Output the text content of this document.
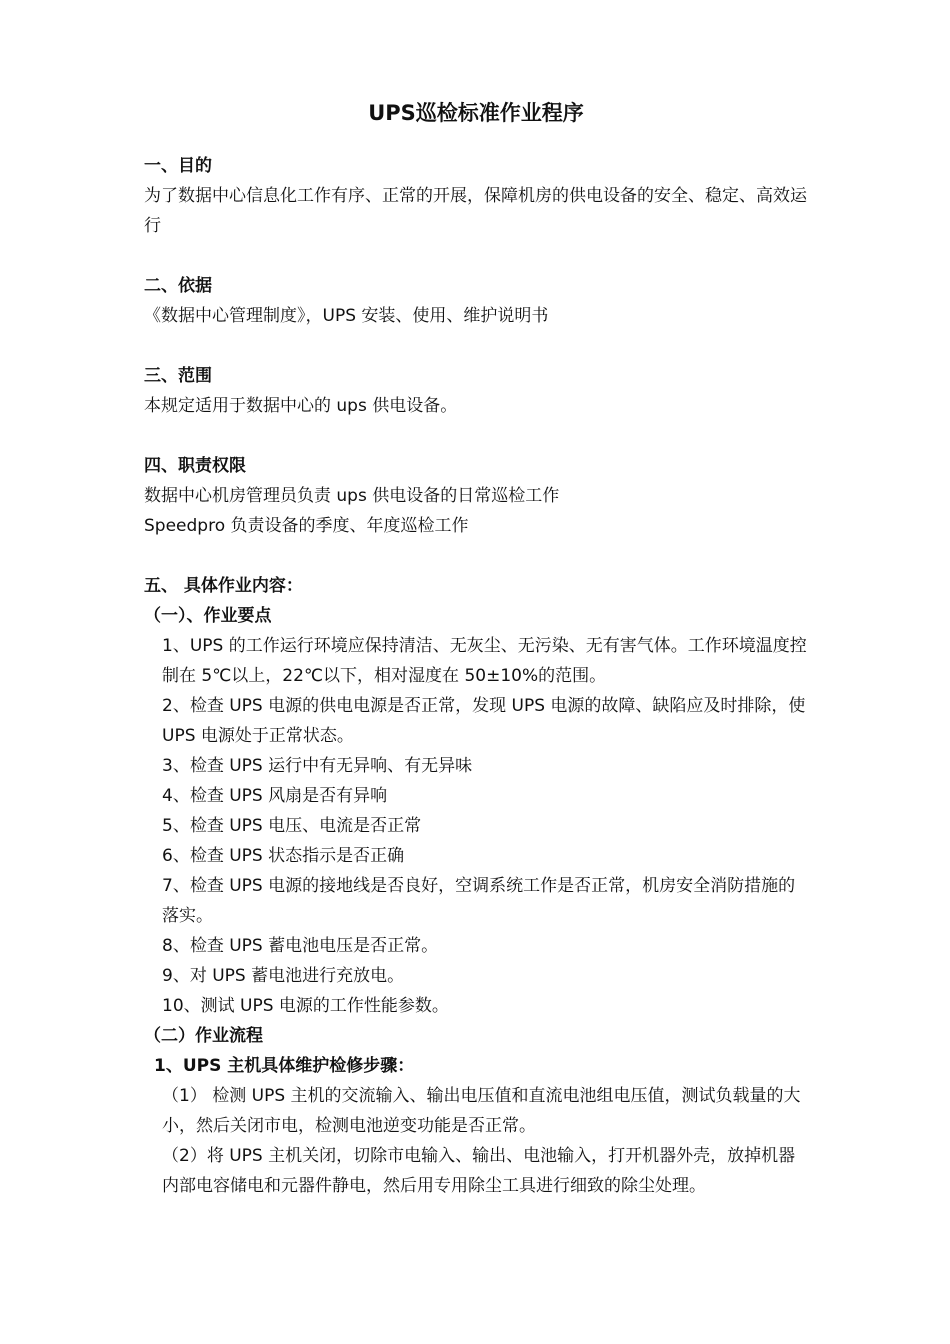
UPS巡检标准作业程序
一、目的
为了数据中心信息化工作有序、正常的开展，保障机房的供电设备的安全、稳定、高效运行
二、依据
《数据中心管理制度》，UPS 安装、使用、维护说明书
三、范围
本规定适用于数据中心的 ups 供电设备。
四、职责权限
数据中心机房管理员负责 ups 供电设备的日常巡检工作
Speedpro 负责设备的季度、年度巡检工作
五、 具体作业内容：
（一）、作业要点
1、UPS 的工作运行环境应保持清洁、无灰尘、无污染、无有害气体。工作环境温度控制在 5℃以上，22℃以下，相对湿度在 50±10%的范围。
2、检查 UPS 电源的供电电源是否正常，发现 UPS 电源的故障、缺陷应及时排除，使 UPS 电源处于正常状态。
3、检查 UPS 运行中有无异响、有无异味
4、检查 UPS 风扇是否有异响
5、检查 UPS 电压、电流是否正常
6、检查 UPS 状态指示是否正确
7、检查 UPS 电源的接地线是否良好，空调系统工作是否正常，机房安全消防措施的落实。
8、检查 UPS 蓄电池电压是否正常。
9、对 UPS 蓄电池进行充放电。
10、测试 UPS 电源的工作性能参数。
（二）作业流程
1、UPS 主机具体维护检修步骤：
（1） 检测 UPS 主机的交流输入、输出电压值和直流电池组电压值，测试负载量的大小，然后关闭市电，检测电池逆变功能是否正常。
（2）将 UPS 主机关闭，切除市电输入、输出、电池输入，打开机器外壳，放掉机器内部电容储电和元器件静电，然后用专用除尘工具进行细致的除尘处理。
